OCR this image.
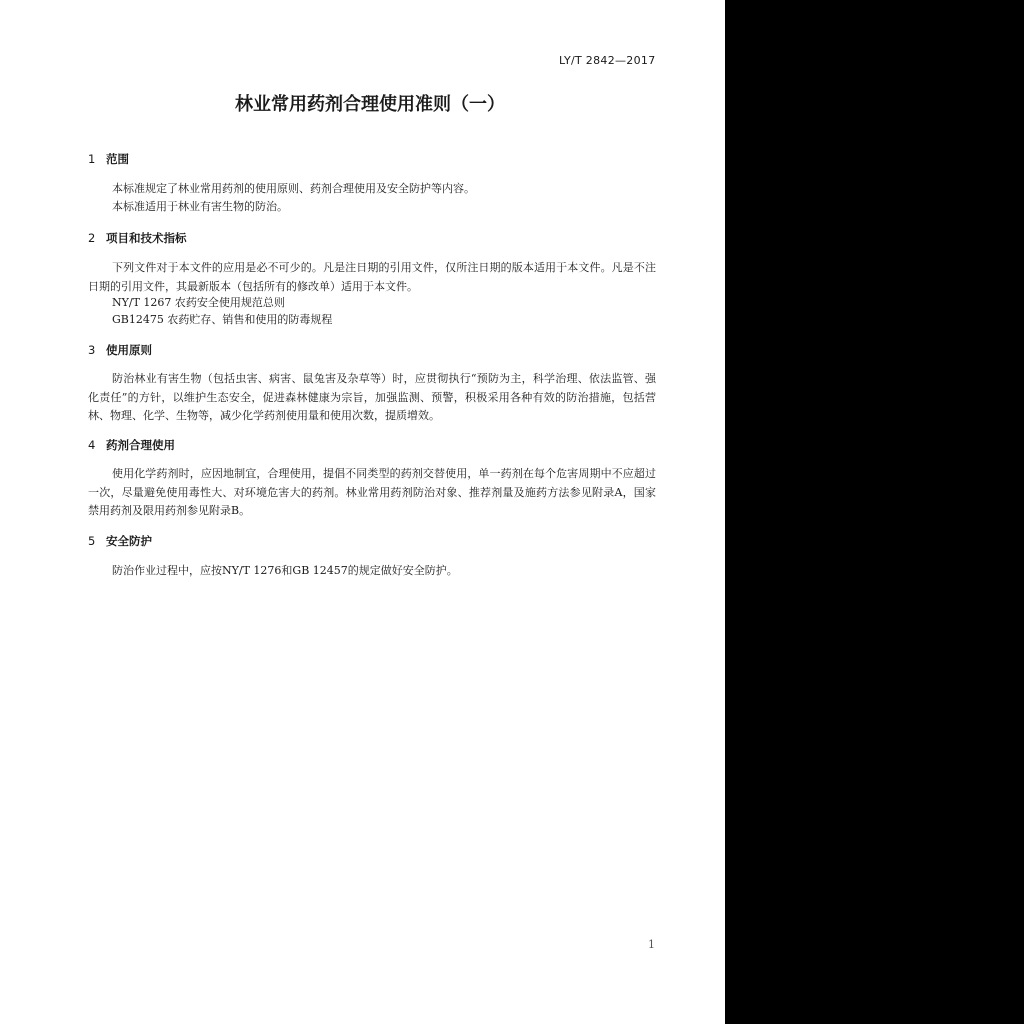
LY/T 2842—2017
林业常用药剂合理使用准则（一）
1 范围
本标准规定了林业常用药剂的使用原则、药剂合理使用及安全防护等内容。
本标准适用于林业有害生物的防治。
2 项目和技术指标

下列文件对于本文件的应用是必不可少的。凡是注日期的引用文件，仅所注日期的版本适用于本文件。凡是不注日期的引用文件，其最新版本（包括所有的修改单）适用于本文件。

NY/T 1267 农药安全使用规范总则
GB12475 农药贮存、销售和使用的防毒规程
3 使用原则

防治林业有害生物（包括虫害、病害、鼠兔害及杂草等）时，应贯彻执行“预防为主，科学治理、依法监管、强化责任”的方针，以维护生态安全，促进森林健康为宗旨，加强监测、预警，积极采用各种有效的防治措施，包括营林、物理、化学、生物等，减少化学药剂使用量和使用次数，提质增效。

4 药剂合理使用

使用化学药剂时，应因地制宜，合理使用，提倡不同类型的药剂交替使用，单一药剂在每个危害周期中不应超过一次，尽量避免使用毒性大、对环境危害大的药剂。林业常用药剂防治对象、推荐剂量及施药方法参见附录A，国家禁用药剂及限用药剂参见附录B。

5 安全防护

防治作业过程中，应按NY/T 1276和GB 12457的规定做好安全防护。

1
